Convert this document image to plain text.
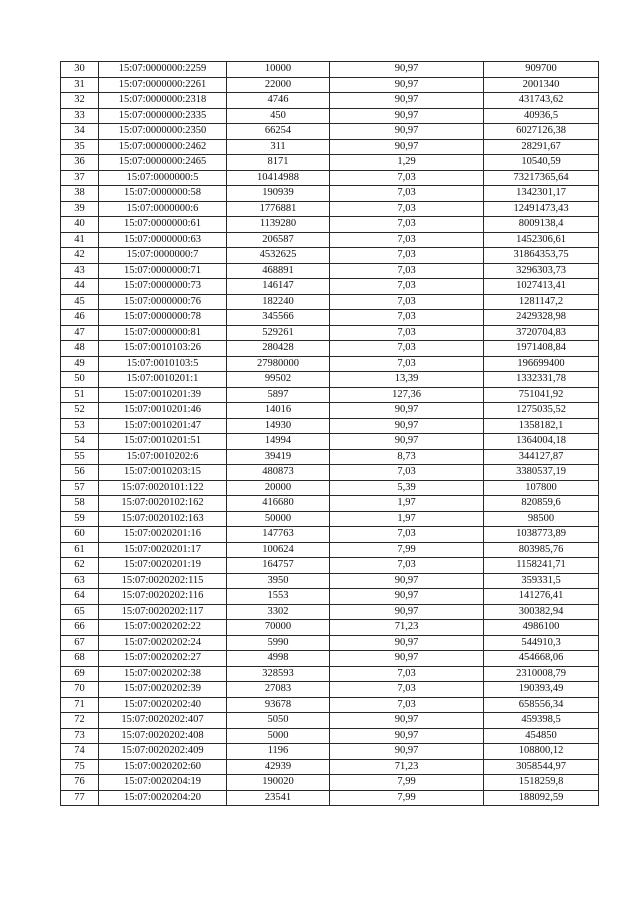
30	15:07:0000000:2259	10000	90,97	909700
31	15:07:0000000:2261	22000	90,97	2001340
32	15:07:0000000:2318	4746	90,97	431743,62
33	15:07:0000000:2335	450	90,97	40936,5
34	15:07:0000000:2350	66254	90,97	6027126,38
35	15:07:0000000:2462	311	90,97	28291,67
36	15:07:0000000:2465	8171	1,29	10540,59
37	15:07:0000000:5	10414988	7,03	73217365,64
38	15:07:0000000:58	190939	7,03	1342301,17
39	15:07:0000000:6	1776881	7,03	12491473,43
40	15:07:0000000:61	1139280	7,03	8009138,4
41	15:07:0000000:63	206587	7,03	1452306,61
42	15:07:0000000:7	4532625	7,03	31864353,75
43	15:07:0000000:71	468891	7,03	3296303,73
44	15:07:0000000:73	146147	7,03	1027413,41
45	15:07:0000000:76	182240	7,03	1281147,2
46	15:07:0000000:78	345566	7,03	2429328,98
47	15:07:0000000:81	529261	7,03	3720704,83
48	15:07:0010103:26	280428	7,03	1971408,84
49	15:07:0010103:5	27980000	7,03	196699400
50	15:07:0010201:1	99502	13,39	1332331,78
51	15:07:0010201:39	5897	127,36	751041,92
52	15:07:0010201:46	14016	90,97	1275035,52
53	15:07:0010201:47	14930	90,97	1358182,1
54	15:07:0010201:51	14994	90,97	1364004,18
55	15:07:0010202:6	39419	8,73	344127,87
56	15:07:0010203:15	480873	7,03	3380537,19
57	15:07:0020101:122	20000	5,39	107800
58	15:07:0020102:162	416680	1,97	820859,6
59	15:07:0020102:163	50000	1,97	98500
60	15:07:0020201:16	147763	7,03	1038773,89
61	15:07:0020201:17	100624	7,99	803985,76
62	15:07:0020201:19	164757	7,03	1158241,71
63	15:07:0020202:115	3950	90,97	359331,5
64	15:07:0020202:116	1553	90,97	141276,41
65	15:07:0020202:117	3302	90,97	300382,94
66	15:07:0020202:22	70000	71,23	4986100
67	15:07:0020202:24	5990	90,97	544910,3
68	15:07:0020202:27	4998	90,97	454668,06
69	15:07:0020202:38	328593	7,03	2310008,79
70	15:07:0020202:39	27083	7,03	190393,49
71	15:07:0020202:40	93678	7,03	658556,34
72	15:07:0020202:407	5050	90,97	459398,5
73	15:07:0020202:408	5000	90,97	454850
74	15:07:0020202:409	1196	90,97	108800,12
75	15:07:0020202:60	42939	71,23	3058544,97
76	15:07:0020204:19	190020	7,99	1518259,8
77	15:07:0020204:20	23541	7,99	188092,59
